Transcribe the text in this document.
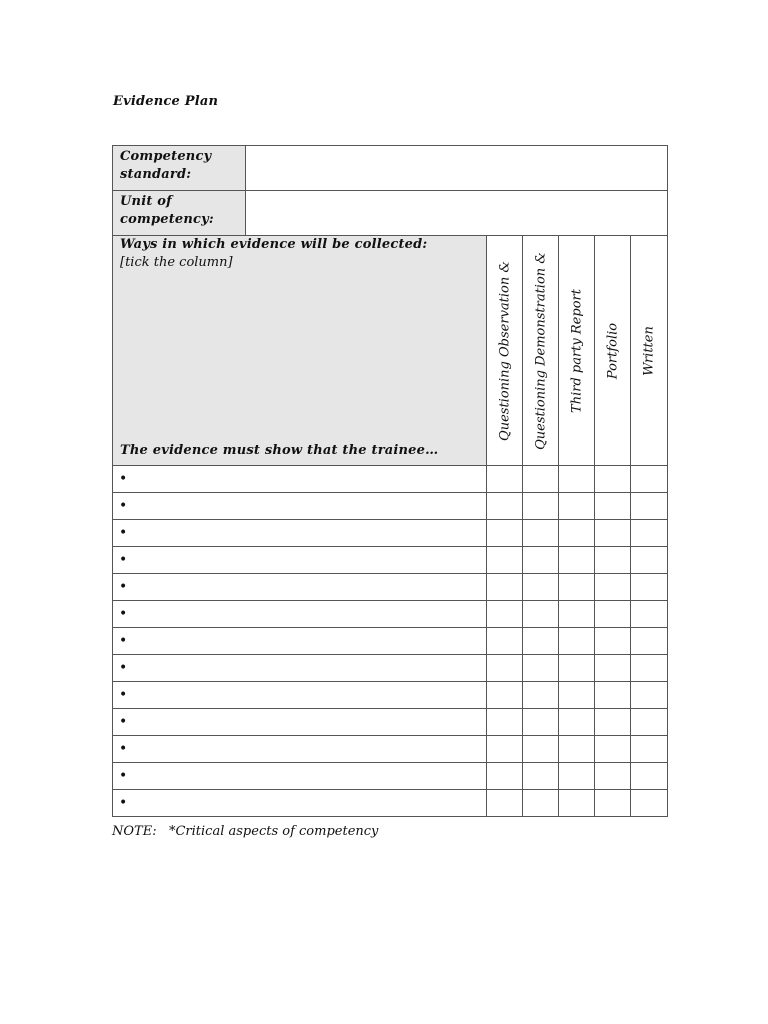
Evidence Plan
Competency
standard:						

Unit of
competency:						

Ways in which evidence will be collected:
[tick the column]
The evidence must show that the trainee…		Questioning Observation &	Questioning Demonstration &	Third party Report	Portfolio	Written

•						
•						
•						
•						
•						
•						
•						
•						
•						
•						
•						
•						
•						
NOTE: *Critical aspects of competency
